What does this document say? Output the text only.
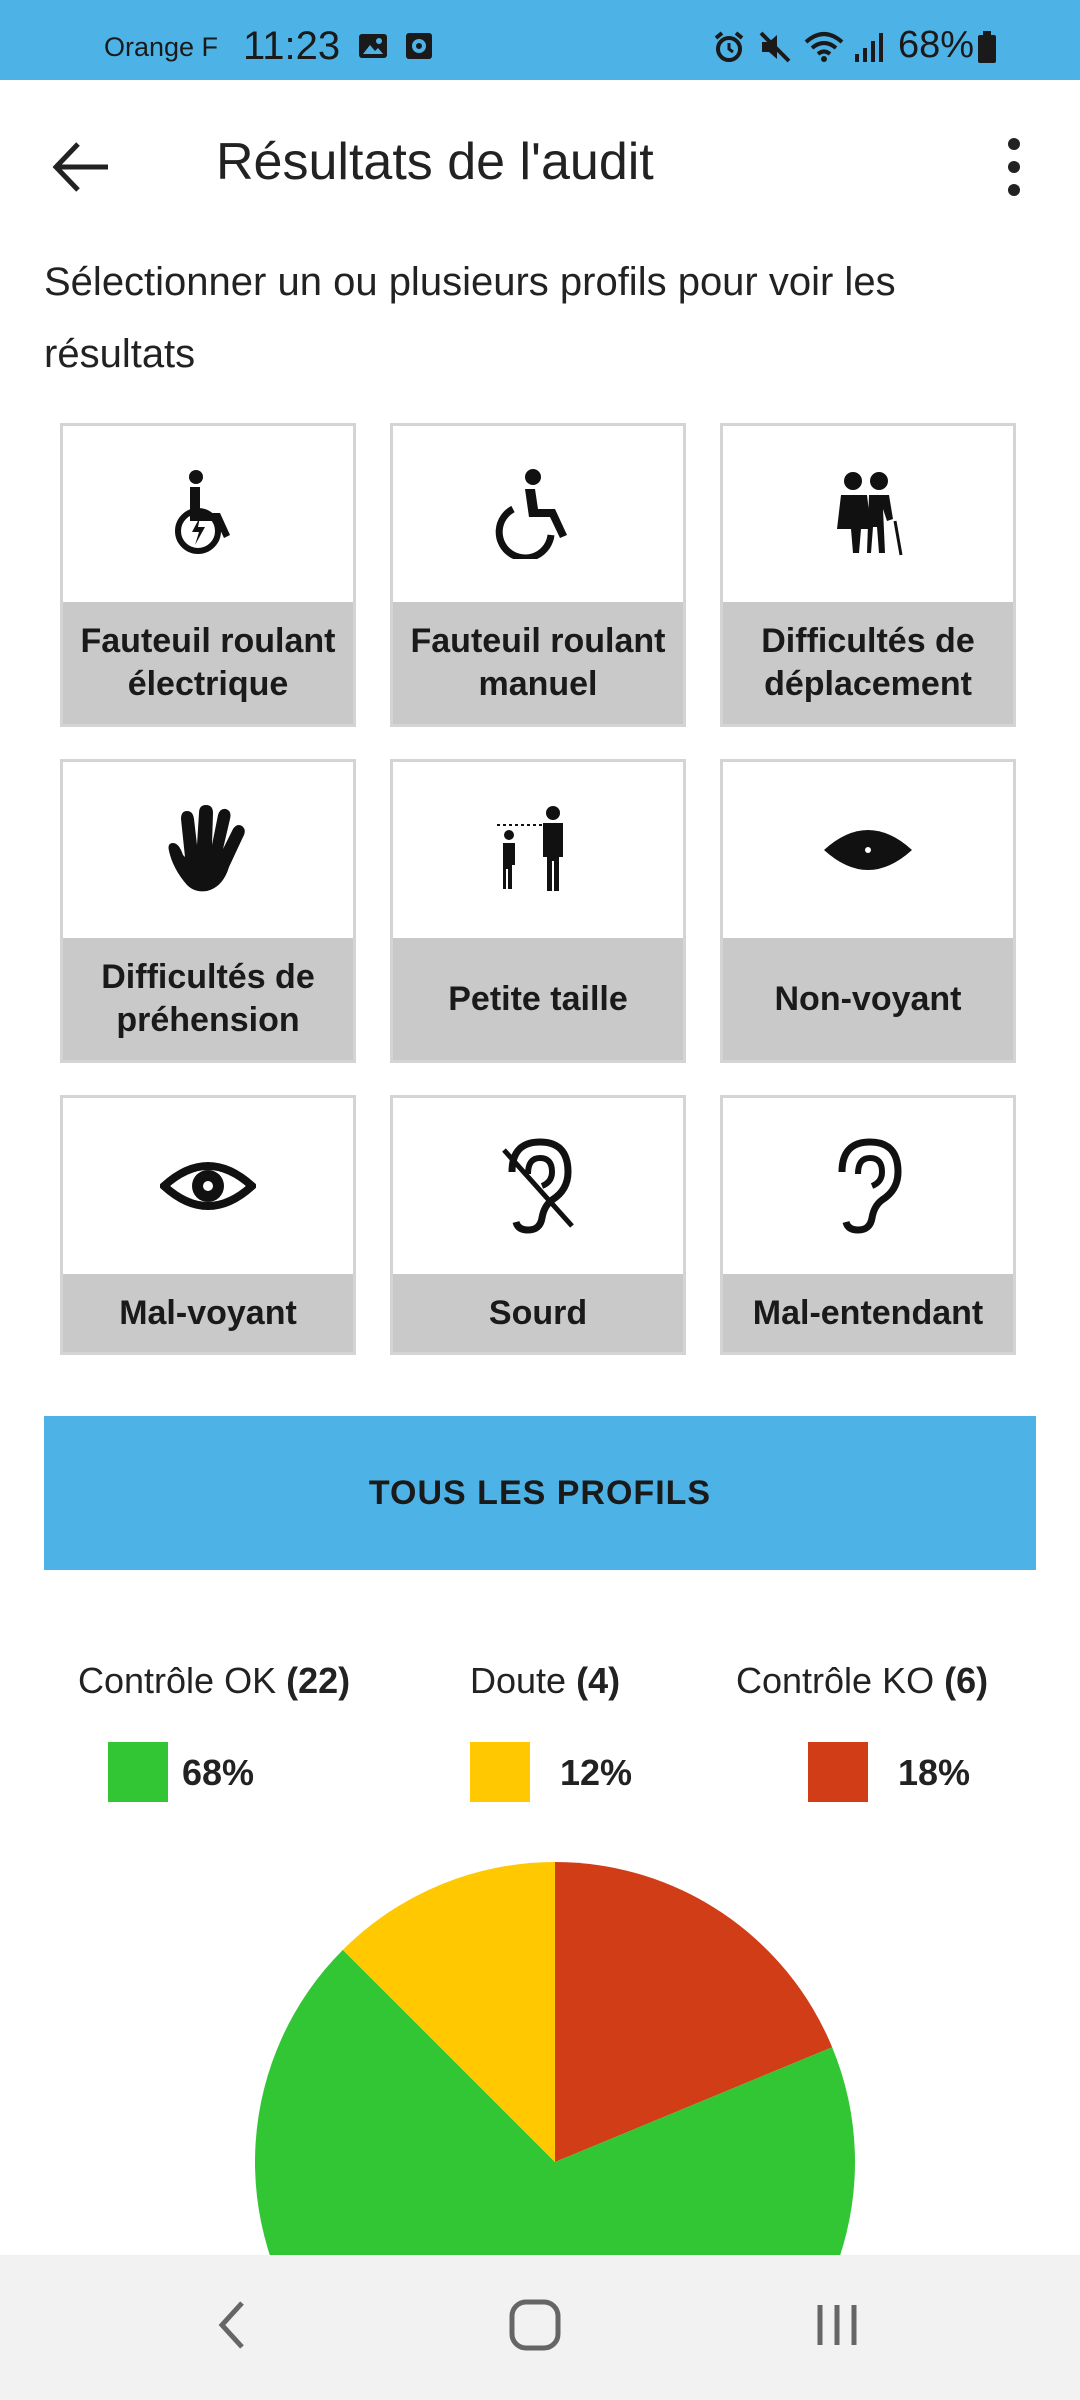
Orange F 11:23	68%
Résultats de l'audit
Sélectionner un ou plusieurs profils pour voir les résultats
Fauteuil roulant électrique
Fauteuil roulant manuel
Difficultés de déplacement
Difficultés de préhension
Petite taille	Non-voyant
Mal-voyant	Sourd	Mal-entendant
TOUS LES PROFILS
Contrôle OK (22)
68%
Doute (4)
12%
Contrôle KO (6)
18%
